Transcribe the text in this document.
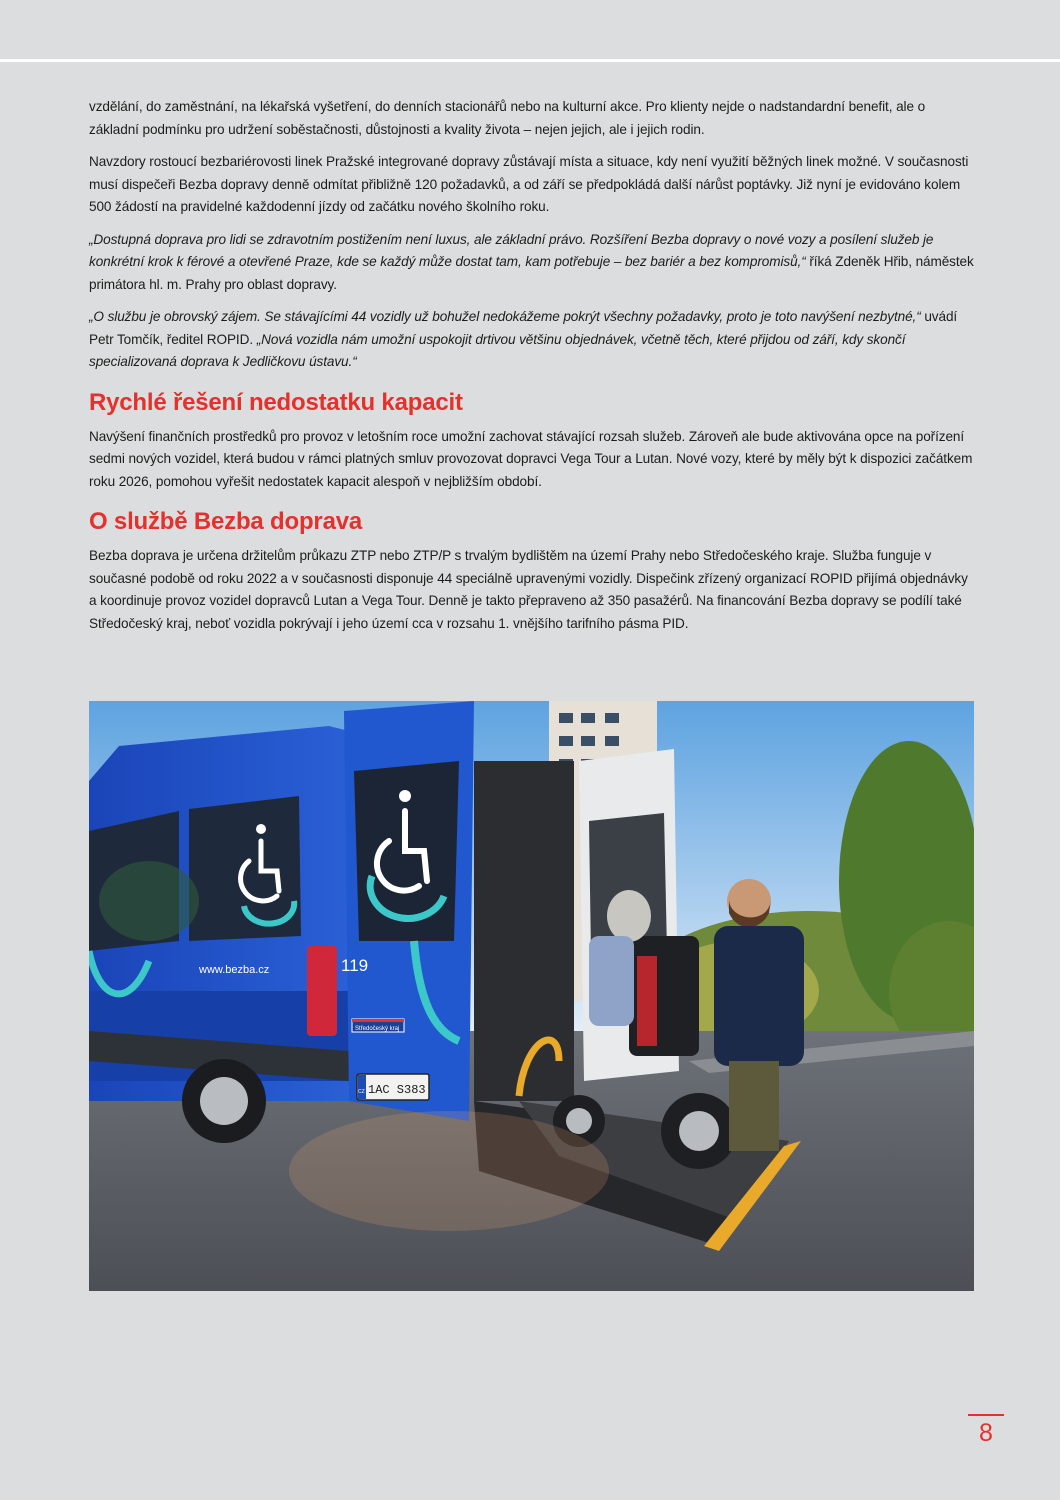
vzdělání, do zaměstnání, na lékařská vyšetření, do denních stacionářů nebo na kulturní akce. Pro klienty nejde o nadstandardní benefit, ale o základní podmínku pro udržení soběstačnosti, důstojnosti a kvality života – nejen jejich, ale i jejich rodin.

Navzdory rostoucí bezbariérovosti linek Pražské integrované dopravy zůstávají místa a situace, kdy není využití běžných linek možné. V současnosti musí dispečeři Bezba dopravy denně odmítat přibližně 120 požadavků, a od září se předpokládá další nárůst poptávky. Již nyní je evidováno kolem 500 žádostí na pravidelné každodenní jízdy od začátku nového školního roku.

„Dostupná doprava pro lidi se zdravotním postižením není luxus, ale základní právo. Rozšíření Bezba dopravy o nové vozy a posílení služeb je konkrétní krok k férové a otevřené Praze, kde se každý může dostat tam, kam potřebuje – bez bariér a bez kompromisů,“ říká Zdeněk Hřib, náměstek primátora hl. m. Prahy pro oblast dopravy.

„O službu je obrovský zájem. Se stávajícími 44 vozidly už bohužel nedokážeme pokrýt všechny požadavky, proto je toto navýšení nezbytné,“ uvádí Petr Tomčík, ředitel ROPID. „Nová vozidla nám umožní uspokojit drtivou většinu objednávek, včetně těch, které přijdou od září, kdy skončí specializovaná doprava k Jedličkovu ústavu.“

Rychlé řešení nedostatku kapacit

Navýšení finančních prostředků pro provoz v letošním roce umožní zachovat stávající rozsah služeb. Zároveň ale bude aktivována opce na pořízení sedmi nových vozidel, která budou v rámci platných smluv provozovat dopravci Vega Tour a Lutan. Nové vozy, které by měly být k dispozici začátkem roku 2026, pomohou vyřešit nedostatek kapacit alespoň v nejbližším období.

O službě Bezba doprava

Bezba doprava je určena držitelům průkazu ZTP nebo ZTP/P s trvalým bydlištěm na území Prahy nebo Středočeského kraje. Služba funguje v současné podobě od roku 2022 a v současnosti disponuje 44 speciálně upravenými vozidly. Dispečink zřízený organizací ROPID přijímá objednávky a koordinuje provoz vozidel dopravců Lutan a Vega Tour. Denně je takto přepraveno až 350 pasažérů. Na financování Bezba dopravy se podílí také Středočeský kraj, neboť vozidla pokrývají i jeho území cca v rozsahu 1. vnějšího tarifního pásma PID.

www.bezba.cz	119
Středočeský kraj
CZ 1AC S383
8
